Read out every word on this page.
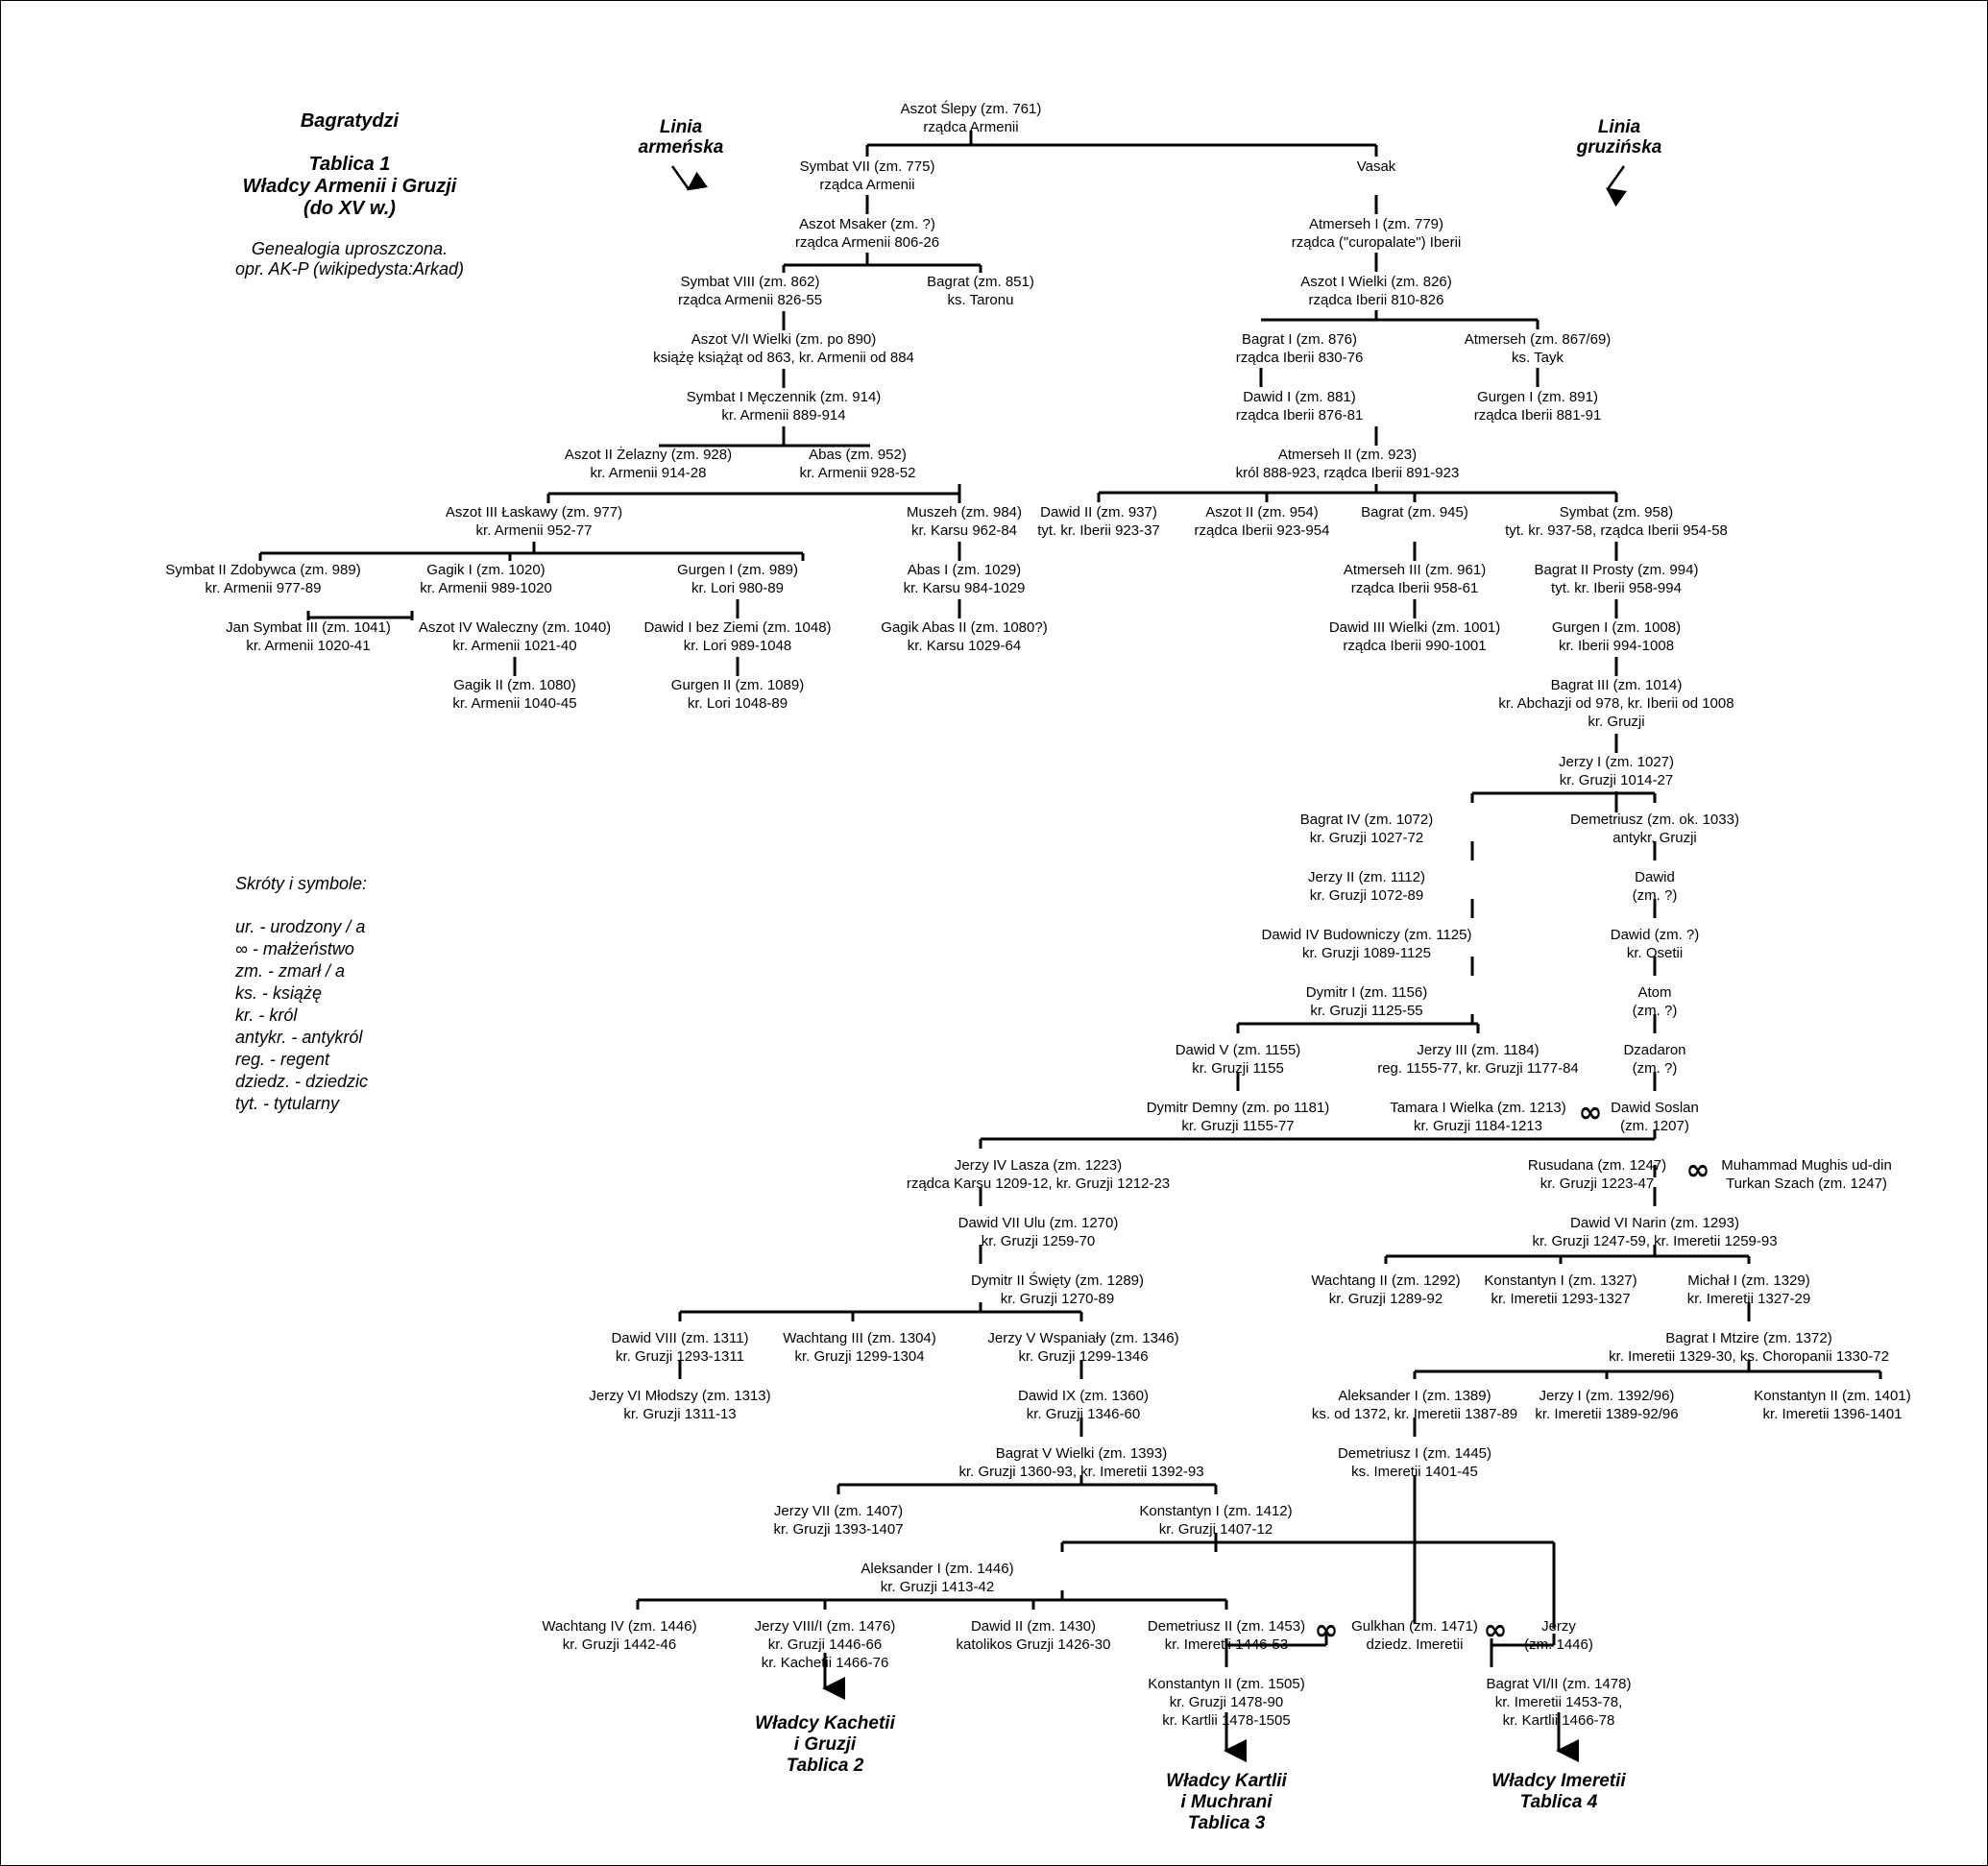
Bagratydzi
Tablica 1
Władcy Armenii i Gruzji
(do XV w.)
Genealogia uproszczona.
opr. AK-P (wikipedysta:Arkad)
Linia
armeńska
Linia
gruzińska
Skróty i symbole:
ur. - urodzony / a
∞ - małżeństwo
zm. - zmarł / a
ks. - książę
kr. - król
antykr. - antykról
reg. - regent
dziedz. - dziedzic
tyt. - tytularny
Aszot Ślepy (zm. 761)
rządca Armenii
Symbat VII (zm. 775)
rządca Armenii
Vasak
Aszot Msaker (zm. ?)
rządca Armenii 806-26
Atmerseh I (zm. 779)
rządca ("curopalate") Iberii
Symbat VIII (zm. 862)
rządca Armenii 826-55
Bagrat (zm. 851)
ks. Taronu
Aszot I Wielki (zm. 826)
rządca Iberii 810-826
Aszot V/I Wielki (zm. po 890)
książę książąt od 863, kr. Armenii od 884
Bagrat I (zm. 876)
rządca Iberii 830-76
Atmerseh (zm. 867/69)
ks. Tayk
Symbat I Męczennik (zm. 914)
kr. Armenii 889-914
Dawid I (zm. 881)
rządca Iberii 876-81
Gurgen I (zm. 891)
rządca Iberii 881-91
Aszot II Żelazny (zm. 928)
kr. Armenii 914-28
Abas (zm. 952)
kr. Armenii 928-52
Atmerseh II (zm. 923)
król 888-923, rządca Iberii 891-923
Aszot III Łaskawy (zm. 977)
kr. Armenii 952-77
Muszeh (zm. 984)
kr. Karsu 962-84
Dawid II (zm. 937)
tyt. kr. Iberii 923-37
Aszot II (zm. 954)
rządca Iberii 923-954
Bagrat (zm. 945)	Symbat (zm. 958)
tyt. kr. 937-58, rządca Iberii 954-58
Symbat II Zdobywca (zm. 989)
kr. Armenii 977-89
Gagik I (zm. 1020)
kr. Armenii 989-1020
Gurgen I (zm. 989)
kr. Lori 980-89
Abas I (zm. 1029)
kr. Karsu 984-1029
Atmerseh III (zm. 961)
rządca Iberii 958-61
Bagrat II Prosty (zm. 994)
tyt. kr. Iberii 958-994
Jan Symbat III (zm. 1041)
kr. Armenii 1020-41
Aszot IV Waleczny (zm. 1040)
kr. Armenii 1021-40
Dawid I bez Ziemi (zm. 1048)
kr. Lori 989-1048
Gagik Abas II (zm. 1080?)
kr. Karsu 1029-64
Dawid III Wielki (zm. 1001)
rządca Iberii 990-1001
Gurgen I (zm. 1008)
kr. Iberii 994-1008
Gagik II (zm. 1080)
kr. Armenii 1040-45
Gurgen II (zm. 1089)
kr. Lori 1048-89
Bagrat III (zm. 1014)
kr. Abchazji od 978, kr. Iberii od 1008
kr. Gruzji
Jerzy I (zm. 1027)
kr. Gruzji 1014-27
Bagrat IV (zm. 1072)
kr. Gruzji 1027-72
Demetriusz (zm. ok. 1033)
antykr. Gruzji
Jerzy II (zm. 1112)
kr. Gruzji 1072-89
Dawid
(zm. ?)
Dawid IV Budowniczy (zm. 1125)
kr. Gruzji 1089-1125
Dawid (zm. ?)
kr. Osetii
Dymitr I (zm. 1156)
kr. Gruzji 1125-55
Atom
(zm. ?)
Dawid V (zm. 1155)
kr. Gruzji 1155
Jerzy III (zm. 1184)
reg. 1155-77, kr. Gruzji 1177-84
Dzadaron
(zm. ?)
Dymitr Demny (zm. po 1181)
kr. Gruzji 1155-77
Tamara I Wielka (zm. 1213)
kr. Gruzji 1184-1213
Dawid Soslan
(zm. 1207)
Jerzy IV Lasza (zm. 1223)
rządca Karsu 1209-12, kr. Gruzji 1212-23
Rusudana (zm. 1247)
kr. Gruzji 1223-47
Muhammad Mughis ud-din
Turkan Szach (zm. 1247)
Dawid VII Ulu (zm. 1270)
kr. Gruzji 1259-70
Dawid VI Narin (zm. 1293)
kr. Gruzji 1247-59, kr. Imeretii 1259-93
Dymitr II Święty (zm. 1289)
kr. Gruzji 1270-89
Wachtang II (zm. 1292)
kr. Gruzji 1289-92
Konstantyn I (zm. 1327)
kr. Imeretii 1293-1327
Michał I (zm. 1329)
kr. Imeretii 1327-29
Dawid VIII (zm. 1311)
kr. Gruzji 1293-1311
Wachtang III (zm. 1304)
kr. Gruzji 1299-1304
Jerzy V Wspaniały (zm. 1346)
kr. Gruzji 1299-1346
Bagrat I Mtzire (zm. 1372)
kr. Imeretii 1329-30, ks. Choropanii 1330-72
Jerzy VI Młodszy (zm. 1313)
kr. Gruzji 1311-13
Dawid IX (zm. 1360)
kr. Gruzji 1346-60
Aleksander I (zm. 1389)
ks. od 1372, kr. Imeretii 1387-89
Jerzy I (zm. 1392/96)
kr. Imeretii 1389-92/96
Konstantyn II (zm. 1401)
kr. Imeretii 1396-1401
Bagrat V Wielki (zm. 1393)
kr. Gruzji 1360-93, kr. Imeretii 1392-93
Demetriusz I (zm. 1445)
ks. Imeretii 1401-45
Jerzy VII (zm. 1407)
kr. Gruzji 1393-1407
Konstantyn I (zm. 1412)
kr. Gruzji 1407-12
Aleksander I (zm. 1446)
kr. Gruzji 1413-42
Wachtang IV (zm. 1446)
kr. Gruzji 1442-46
Jerzy VIII/I (zm. 1476)
kr. Gruzji 1446-66
kr. Kachetii 1466-76
Dawid II (zm. 1430)
katolikos Gruzji 1426-30
Demetriusz II (zm. 1453)
kr. Imeretii 1446-53
Gulkhan (zm. 1471)
dziedz. Imeretii
Jerzy
(zm. 1446)
Konstantyn II (zm. 1505)
kr. Gruzji 1478-90
kr. Kartlii 1478-1505
Bagrat VI/II (zm. 1478)
kr. Imeretii 1453-78,
kr. Kartlii 1466-78
∞
∞
∞	∞
Władcy Kachetii
i Gruzji
Tablica 2
Władcy Kartlii
i Muchrani
Tablica 3
Władcy Imeretii
Tablica 4
